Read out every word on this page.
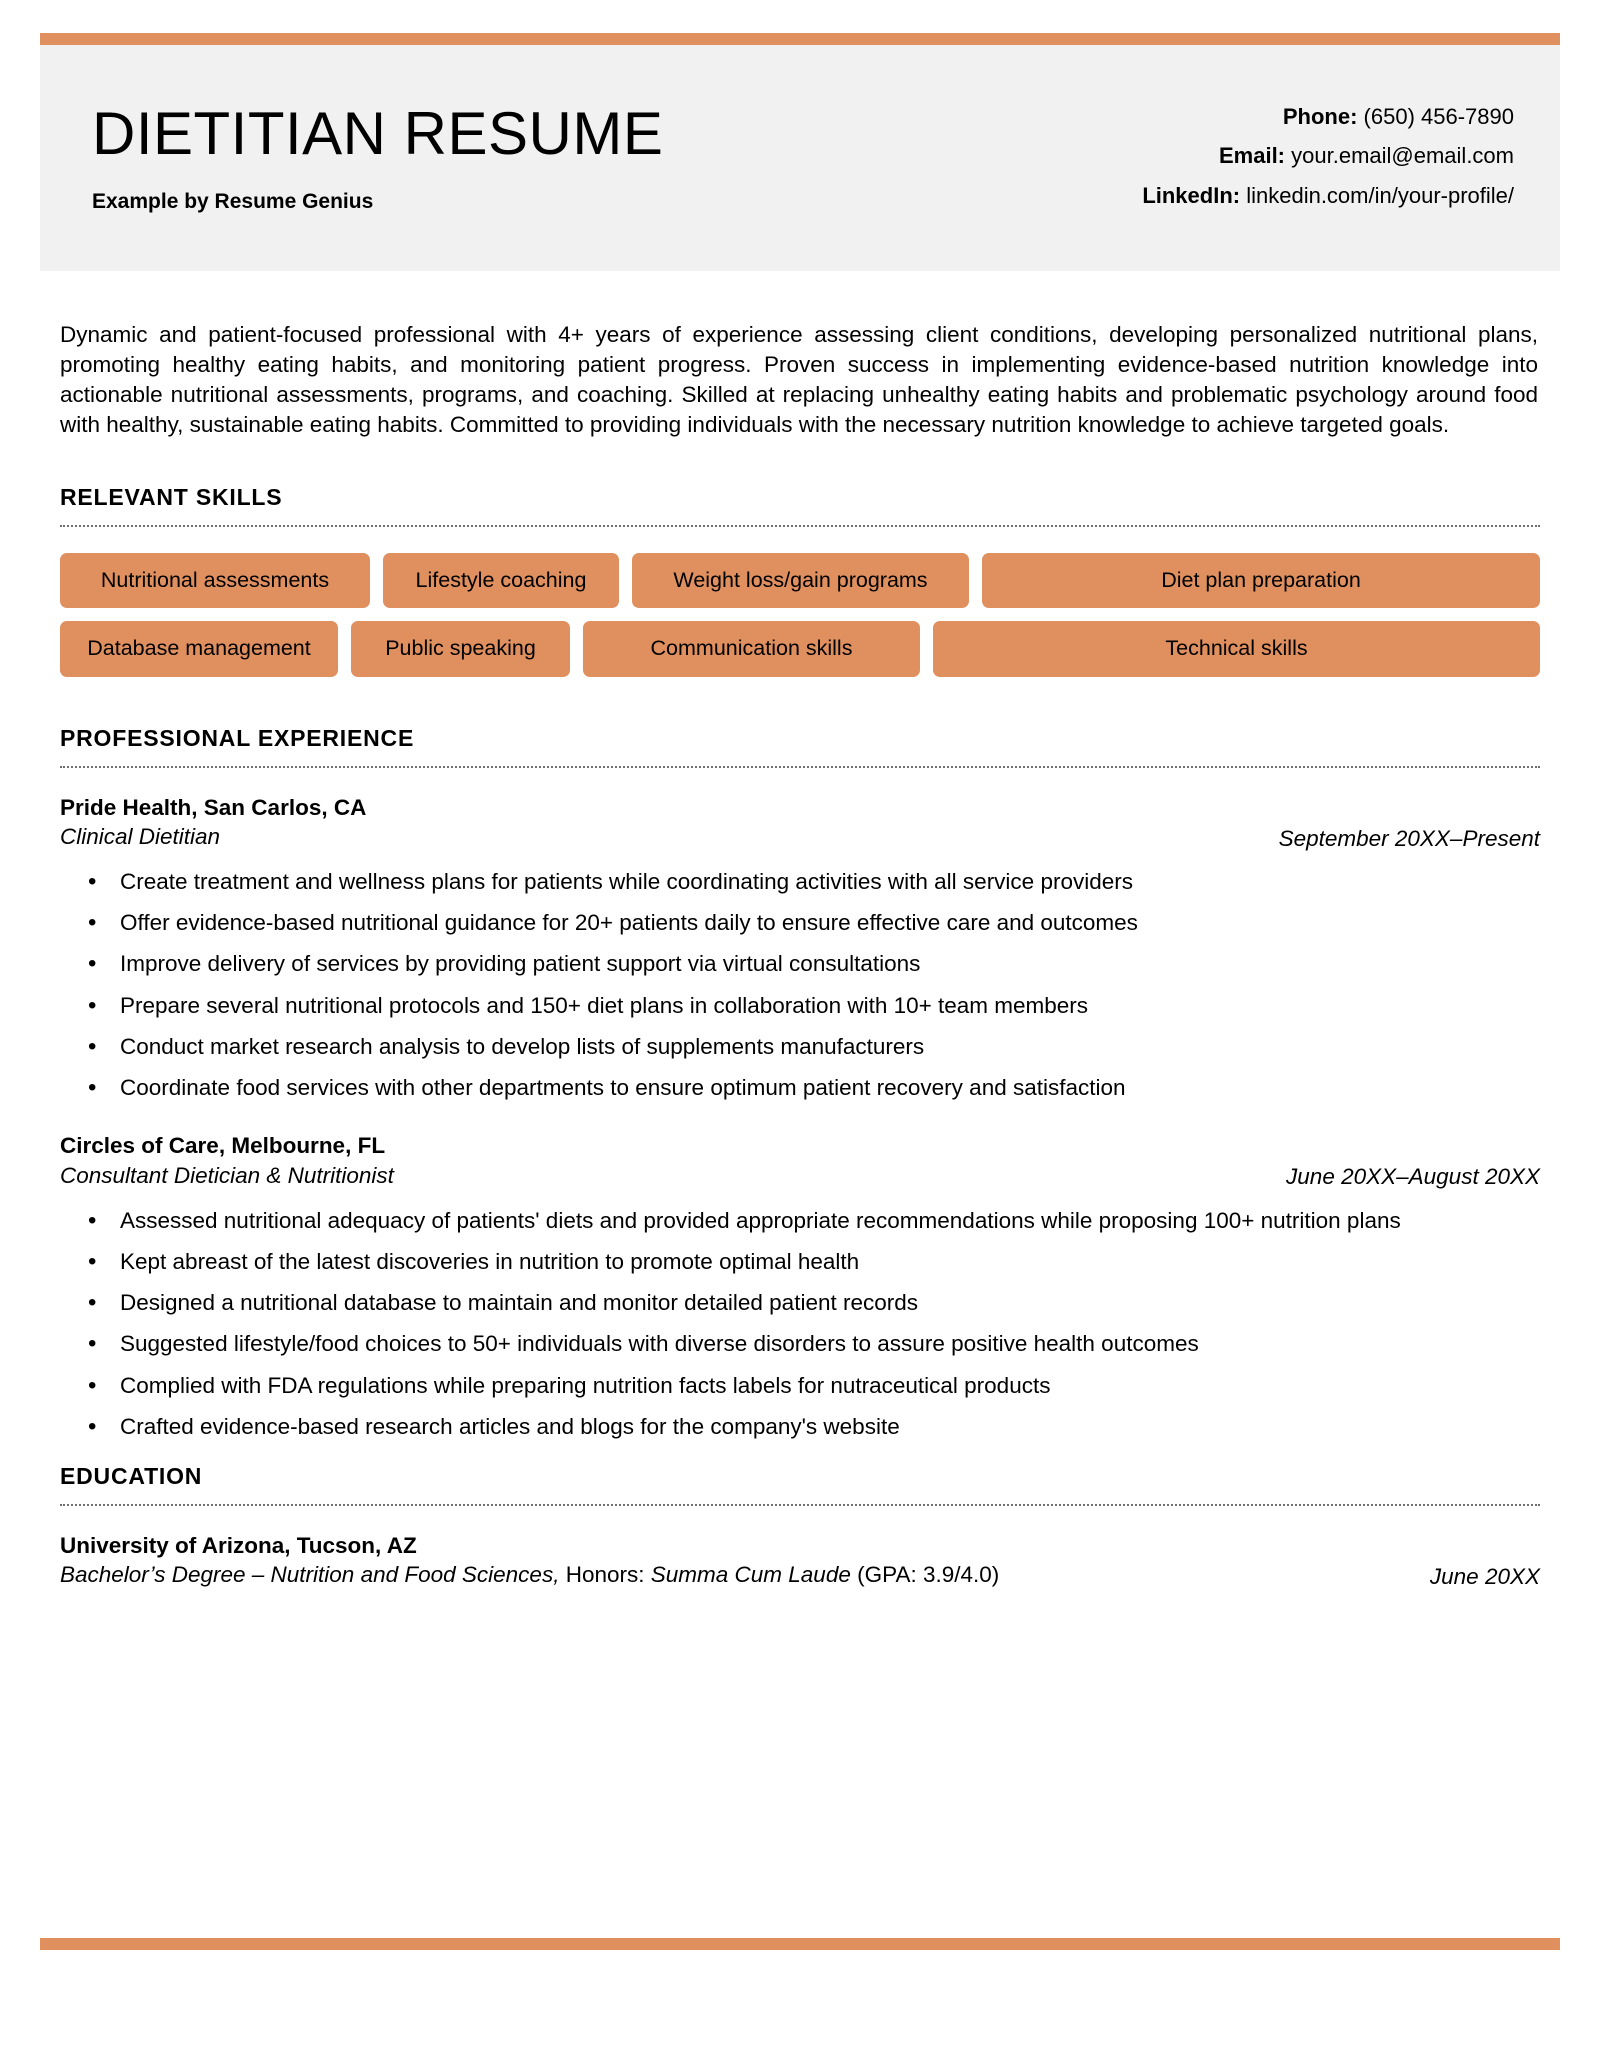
DIETITIAN RESUME
Example by Resume Genius
Phone: (650) 456-7890
Email: your.email@email.com
LinkedIn: linkedin.com/in/your-profile/

Dynamic and patient-focused professional with 4+ years of experience assessing client conditions, developing personalized nutritional plans, promoting healthy eating habits, and monitoring patient progress. Proven success in implementing evidence-based nutrition knowledge into actionable nutritional assessments, programs, and coaching. Skilled at replacing unhealthy eating habits and problematic psychology around food with healthy, sustainable eating habits. Committed to providing individuals with the necessary nutrition knowledge to achieve targeted goals.

RELEVANT SKILLS
Nutritional assessments	Lifestyle coaching	Weight loss/gain programs	Diet plan preparation
Database management	Public speaking	Communication skills	Technical skills
PROFESSIONAL EXPERIENCE
Pride Health, San Carlos, CA
Clinical Dietitian	September 20XX–Present
• Create treatment and wellness plans for patients while coordinating activities with all service providers
• Offer evidence-based nutritional guidance for 20+ patients daily to ensure effective care and outcomes
• Improve delivery of services by providing patient support via virtual consultations
• Prepare several nutritional protocols and 150+ diet plans in collaboration with 10+ team members
• Conduct market research analysis to develop lists of supplements manufacturers
• Coordinate food services with other departments to ensure optimum patient recovery and satisfaction
Circles of Care, Melbourne, FL
Consultant Dietician & Nutritionist	June 20XX–August 20XX
• Assessed nutritional adequacy of patients' diets and provided appropriate recommendations while proposing 100+ nutrition plans
• Kept abreast of the latest discoveries in nutrition to promote optimal health
• Designed a nutritional database to maintain and monitor detailed patient records
• Suggested lifestyle/food choices to 50+ individuals with diverse disorders to assure positive health outcomes
• Complied with FDA regulations while preparing nutrition facts labels for nutraceutical products
• Crafted evidence-based research articles and blogs for the company's website
EDUCATION
University of Arizona, Tucson, AZ
Bachelor’s Degree – Nutrition and Food Sciences, Honors: Summa Cum Laude (GPA: 3.9/4.0)	June 20XX
